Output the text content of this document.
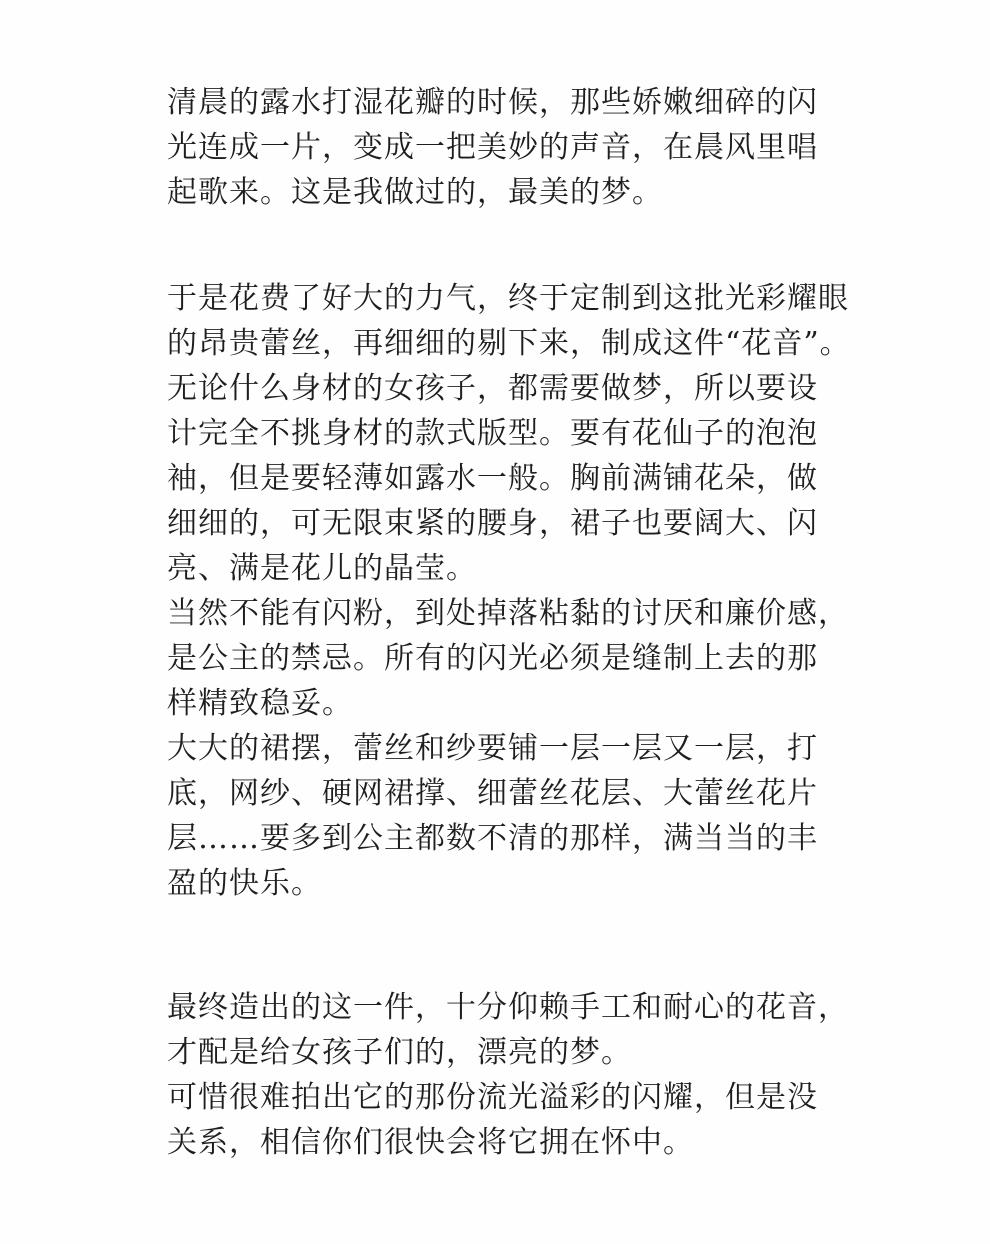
清晨的露水打湿花瓣的时候，那些娇嫩细碎的闪
光连成一片，变成一把美妙的声音，在晨风里唱
起歌来。这是我做过的，最美的梦。
于是花费了好大的力气，终于定制到这批光彩耀眼
的昂贵蕾丝，再细细的剔下来，制成这件“花音”。
无论什么身材的女孩子，都需要做梦，所以要设
计完全不挑身材的款式版型。要有花仙子的泡泡
袖，但是要轻薄如露水一般。胸前满铺花朵，做
细细的，可无限束紧的腰身，裙子也要阔大、闪
亮、满是花儿的晶莹。
当然不能有闪粉，到处掉落粘黏的讨厌和廉价感，
是公主的禁忌。所有的闪光必须是缝制上去的那
样精致稳妥。
大大的裙摆，蕾丝和纱要铺一层一层又一层，打
底，网纱、硬网裙撑、细蕾丝花层、大蕾丝花片
层……要多到公主都数不清的那样，满当当的丰
盈的快乐。
最终造出的这一件，十分仰赖手工和耐心的花音，
才配是给女孩子们的，漂亮的梦。
可惜很难拍出它的那份流光溢彩的闪耀，但是没
关系，相信你们很快会将它拥在怀中。
